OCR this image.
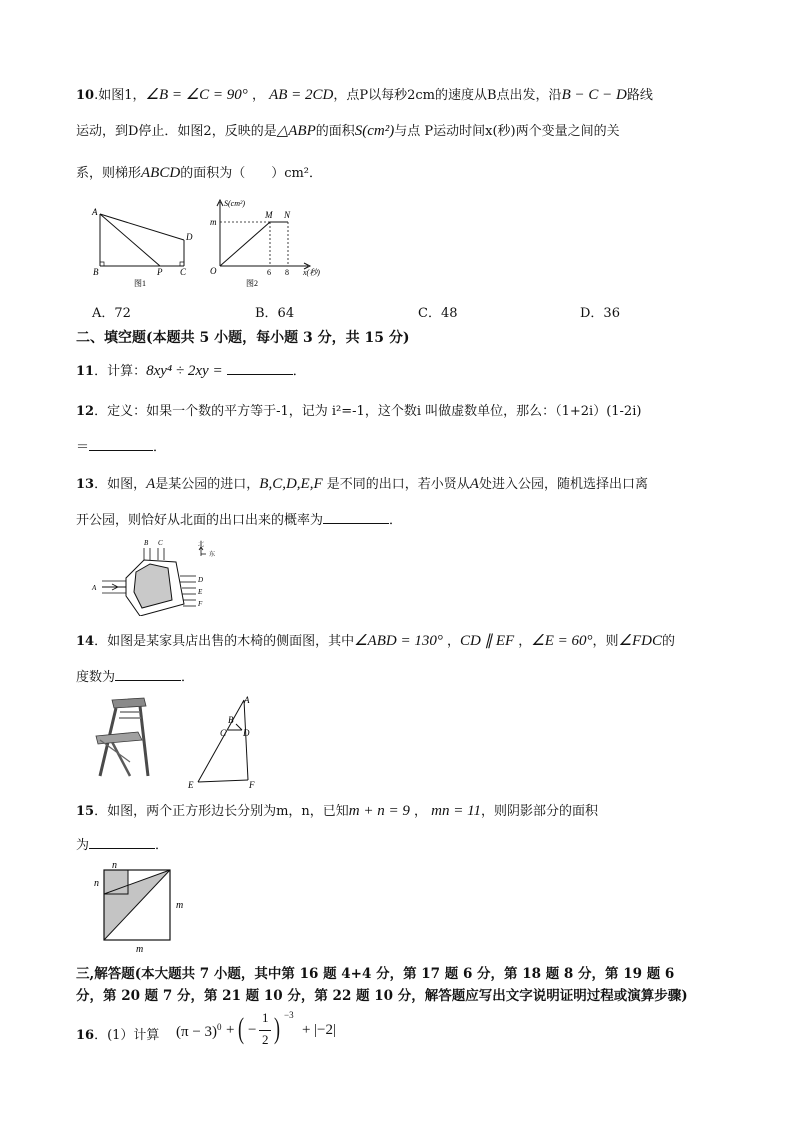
10.如图1，∠B = ∠C = 90° ， AB = 2CD，点P以每秒2cm的速度从B点出发，沿B − C − D路线
运动，到D停止．如图2，反映的是△ABP的面积S(cm²)与点 P运动时间x(秒)两个变量之间的关
系，则梯形ABCD的面积为（　　）cm²．
A
B	C
D
P
图1
S(cm²)
m
M N
O	6 8 x(秒)
图2
A．72	B．64	C．48	D．36
二、填空题(本题共 5 小题，每小题 3 分，共 15 分)
11．计算：8xy⁴ ÷ 2xy =	．
12．定义：如果一个数的平方等于-1，记为 i²=-1，这个数i 叫做虚数单位，那么：（1+2i）(1-2i)
＝	．
13．如图，A是某公园的进口，B,C,D,E,F 是不同的出口，若小贤从A处进入公园，随机选择出口离
开公园，则恰好从北面的出口出来的概率为	．
北
东
A
B C
D
E
F
14．如图是某家具店出售的木椅的侧面图，其中∠ABD = 130° ，CD ∥ EF ，∠E = 60°，则∠FDC的
度数为	．
A
B
C D
E	F
15．如图，两个正方形边长分别为m，n，已知m + n = 9 ， mn = 11，则阴影部分的面积
为	．
n
n
m
m
三,解答题(本大题共 7 小题，其中第 16 题 4+4 分，第 17 题 6 分，第 18 题 8 分，第 19 题 6
分，第 20 题 7 分，第 21 题 10 分，第 22 题 10 分，解答题应写出文字说明证明过程或演算步骤)
16．(1）计算 $(\pi - 3)^0$ + ( −
1
2 ) −3
+ |−2|
